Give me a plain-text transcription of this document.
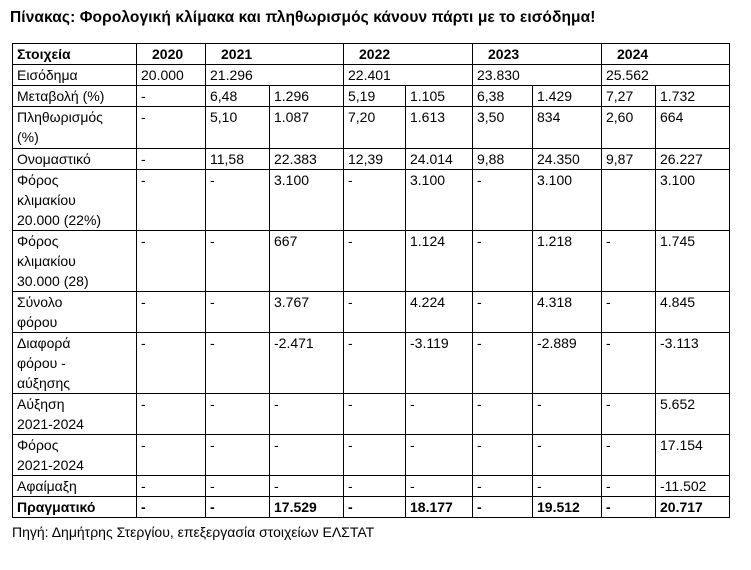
Πίνακας: Φορολογική κλίμακα και πληθωρισμός κάνουν πάρτι με το εισόδημα!
Στοιχεία	2020	2021		2022		2023		2024	
Εισόδημα	20.000	21.296		22.401		23.830		25.562	
Μεταβολή (%)	-	6,48	1.296	5,19	1.105	6,38	1.429	7,27	1.732
Πληθωρισμός
(%)	-	5,10	1.087	7,20	1.613	3,50	834	2,60	664
Ονομαστικό	-	11,58	22.383	12,39	24.014	9,88	24.350	9,87	26.227
Φόρος
κλιμακίου
20.000 (22%)	-	-	3.100	-	3.100	-	3.100		3.100
Φόρος
κλιμακίου
30.000 (28)	-	-	667	-	1.124	-	1.218	-	1.745
Σύνολο
φόρου	-	-	3.767	-	4.224	-	4.318	-	4.845
Διαφορά
φόρου -
αύξησης	-	-	-2.471	-	-3.119	-	-2.889	-	-3.113
Αύξηση
2021-2024	-	-	-	-	-	-	-	-	5.652
Φόρος
2021-2024	-	-	-	-	-	-	-	-	17.154
Αφαίμαξη	-	-	-	-	-	-	-	-	-11.502
Πραγματικό	-	-	17.529	-	18.177	-	19.512	-	20.717
Πηγή: Δημήτρης Στεργίου, επεξεργασία στοιχείων ΕΛΣΤΑΤ
